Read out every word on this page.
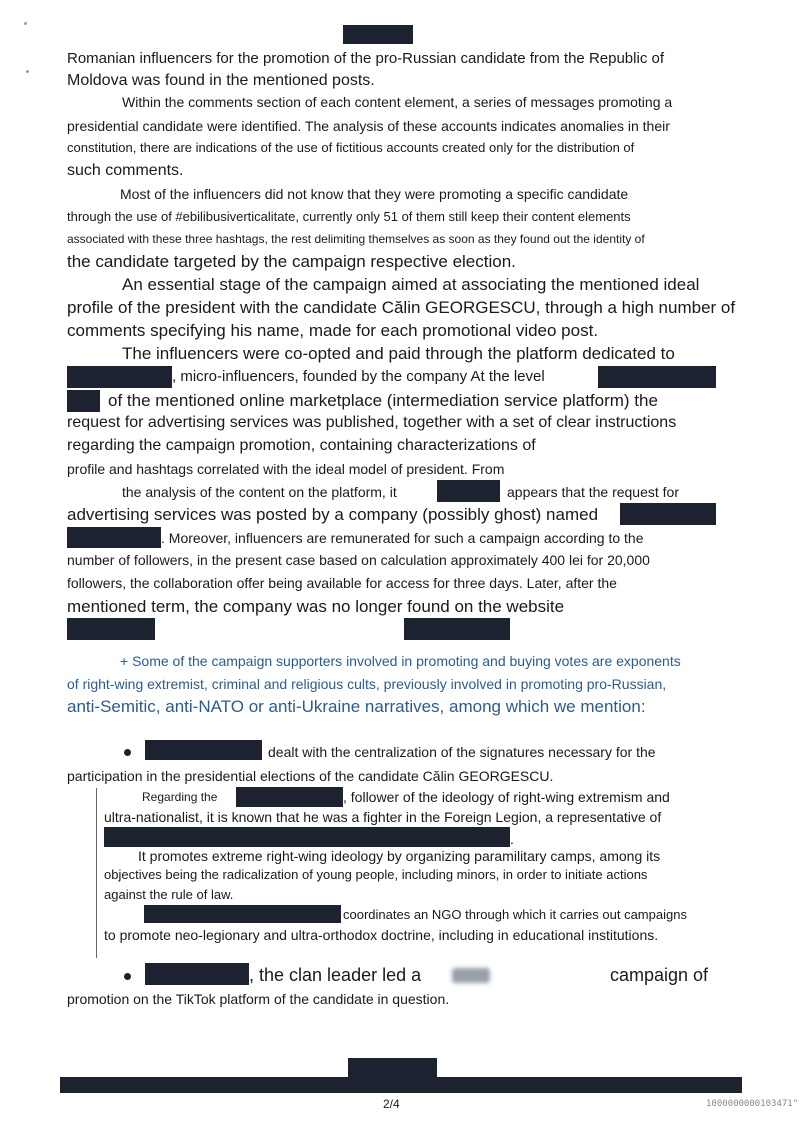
Romanian influencers for the promotion of the pro-Russian candidate from the Republic of
Moldova was found in the mentioned posts.
Within the comments section of each content element, a series of messages promoting a
presidential candidate were identified. The analysis of these accounts indicates anomalies in their
constitution, there are indications of the use of fictitious accounts created only for the distribution of
such comments.
Most of the influencers did not know that they were promoting a specific candidate
through the use of #ebilibusiverticalitate, currently only 51 of them still keep their content elements
associated with these three hashtags, the rest delimiting themselves as soon as they found out the identity of
the candidate targeted by the campaign respective election.
An essential stage of the campaign aimed at associating the mentioned ideal
profile of the president with the candidate Călin GEORGESCU, through a high number of
comments specifying his name, made for each promotional video post.
The influencers were co-opted and paid through the platform dedicated to
, micro-influencers, founded by the company At the level
of the mentioned online marketplace (intermediation service platform) the
request for advertising services was published, together with a set of clear instructions
regarding the campaign promotion, containing characterizations of
profile and hashtags correlated with the ideal model of president. From
the analysis of the content on the platform, it	appears that the request for
advertising services was posted by a company (possibly ghost) named
. Moreover, influencers are remunerated for such a campaign according to the
number of followers, in the present case based on calculation approximately 400 lei for 20,000
followers, the collaboration offer being available for access for three days. Later, after the
mentioned term, the company was no longer found on the website
+ Some of the campaign supporters involved in promoting and buying votes are exponents
of right-wing extremist, criminal and religious cults, previously involved in promoting pro-Russian,
anti-Semitic, anti-NATO or anti-Ukraine narratives, among which we mention:
dealt with the centralization of the signatures necessary for the
participation in the presidential elections of the candidate Călin GEORGESCU.
Regarding the	, follower of the ideology of right-wing extremism and
ultra-nationalist, it is known that he was a fighter in the Foreign Legion, a representative of
.
It promotes extreme right-wing ideology by organizing paramilitary camps, among its
objectives being the radicalization of young people, including minors, in order to initiate actions
against the rule of law.
coordinates an NGO through which it carries out campaigns
to promote neo-legionary and ultra-orthodox doctrine, including in educational institutions.
, the clan leader led a	campaign of
promotion on the TikTok platform of the candidate in question.
2/4	1000000000103471"
